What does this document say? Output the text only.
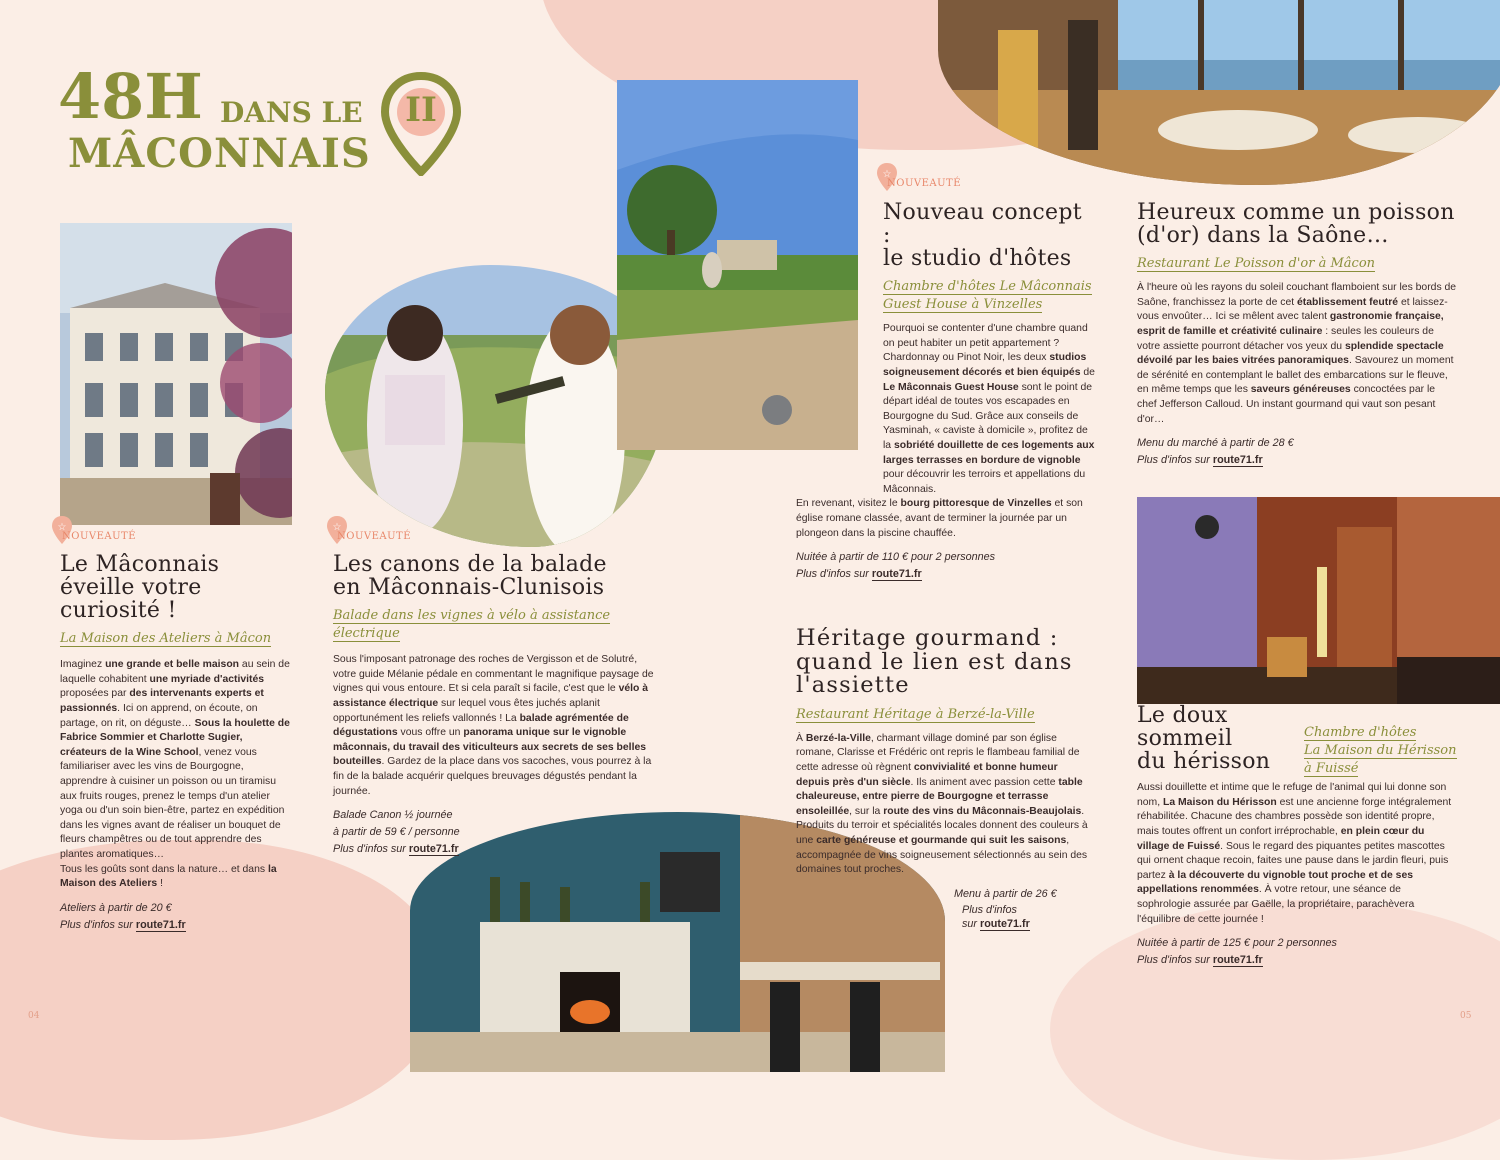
48H DANS LE
MÂCONNAIS
II
☆
NOUVEAUTÉ
☆
NOUVEAUTÉ
☆
NOUVEAUTÉ
Le Mâconnais
éveille votre
curiosité !

La Maison des Ateliers à Mâcon

Imaginez une grande et belle maison au sein de laquelle cohabitent une myriade d'activités proposées par des intervenants experts et passionnés. Ici on apprend, on écoute, on partage, on rit, on déguste… Sous la houlette de Fabrice Sommier et Charlotte Sugier, créateurs de la Wine School, venez vous familiariser avec les vins de Bourgogne, apprendre à cuisiner un poisson ou un tiramisu aux fruits rouges, prenez le temps d'un atelier yoga ou d'un soin bien-être, partez en expédition dans les vignes avant de réaliser un bouquet de fleurs champêtres ou de tout apprendre des plantes aromatiques…
Tous les goûts sont dans la nature… et dans la Maison des Ateliers !

Ateliers à partir de 20 €

Plus d'infos sur route71.fr

Les canons de la balade
en Mâconnais-Clunisois

Balade dans les vignes à vélo à assistance électrique

Sous l'imposant patronage des roches de Vergisson et de Solutré, votre guide Mélanie pédale en commentant le magnifique paysage de vignes qui vous entoure. Et si cela paraît si facile, c'est que le vélo à assistance électrique sur lequel vous êtes juchés aplanit opportunément les reliefs vallonnés ! La balade agrémentée de dégustations vous offre un panorama unique sur le vignoble mâconnais, du travail des viticulteurs aux secrets de ses belles bouteilles. Gardez de la place dans vos sacoches, vous pourrez à la fin de la balade acquérir quelques breuvages dégustés pendant la journée.

Balade Canon ½ journée
à partir de 59 € / personne

Plus d'infos sur route71.fr

Nouveau concept :
le studio d'hôtes

Chambre d'hôtes Le Mâconnais
Guest House à Vinzelles

Pourquoi se contenter d'une chambre quand on peut habiter un petit appartement ? Chardonnay ou Pinot Noir, les deux studios soigneusement décorés et bien équipés de Le Mâconnais Guest House sont le point de départ idéal de toutes vos escapades en Bourgogne du Sud. Grâce aux conseils de Yasminah, « caviste à domicile », profitez de la sobriété douillette de ces logements aux larges terrasses en bordure de vignoble pour découvrir les terroirs et appellations du Mâconnais.

En revenant, visitez le bourg pittoresque de Vinzelles et son église romane classée, avant de terminer la journée par un plongeon dans la piscine chauffée.

Nuitée à partir de 110 € pour 2 personnes

Plus d'infos sur route71.fr

Héritage gourmand :
quand le lien est dans
l'assiette

Restaurant Héritage à Berzé-la-Ville

À Berzé-la-Ville, charmant village dominé par son église romane, Clarisse et Frédéric ont repris le flambeau familial de cette adresse où règnent convivialité et bonne humeur depuis près d'un siècle. Ils animent avec passion cette table chaleureuse, entre pierre de Bourgogne et terrasse ensoleillée, sur la route des vins du Mâconnais-Beaujolais. Produits du terroir et spécialités locales donnent des couleurs à une carte généreuse et gourmande qui suit les saisons, accompagnée de vins soigneusement sélectionnés au sein des domaines tout proches.

Menu à partir de 26 €

Plus d'infos
sur route71.fr

Heureux comme un poisson
(d'or) dans la Saône…

Restaurant Le Poisson d'or à Mâcon

À l'heure où les rayons du soleil couchant flamboient sur les bords de Saône, franchissez la porte de cet établissement feutré et laissez-vous envoûter… Ici se mêlent avec talent gastronomie française, esprit de famille et créativité culinaire : seules les couleurs de votre assiette pourront détacher vos yeux du splendide spectacle dévoilé par les baies vitrées panoramiques. Savourez un moment de sérénité en contemplant le ballet des embarcations sur le fleuve, en même temps que les saveurs généreuses concoctées par le chef Jefferson Calloud. Un instant gourmand qui vaut son pesant d'or…

Menu du marché à partir de 28 €

Plus d'infos sur route71.fr

Le doux
sommeil
du hérisson

Chambre d'hôtes
La Maison du Hérisson
à Fuissé

Aussi douillette et intime que le refuge de l'animal qui lui donne son nom, La Maison du Hérisson est une ancienne forge intégralement réhabilitée. Chacune des chambres possède son identité propre, mais toutes offrent un confort irréprochable, en plein cœur du village de Fuissé. Sous le regard des piquantes petites mascottes qui ornent chaque recoin, faites une pause dans le jardin fleuri, puis partez à la découverte du vignoble tout proche et de ses appellations renommées. À votre retour, une séance de sophrologie assurée par Gaëlle, la propriétaire, parachèvera l'équilibre de cette journée !

Nuitée à partir de 125 € pour 2 personnes

Plus d'infos sur route71.fr

04	05
